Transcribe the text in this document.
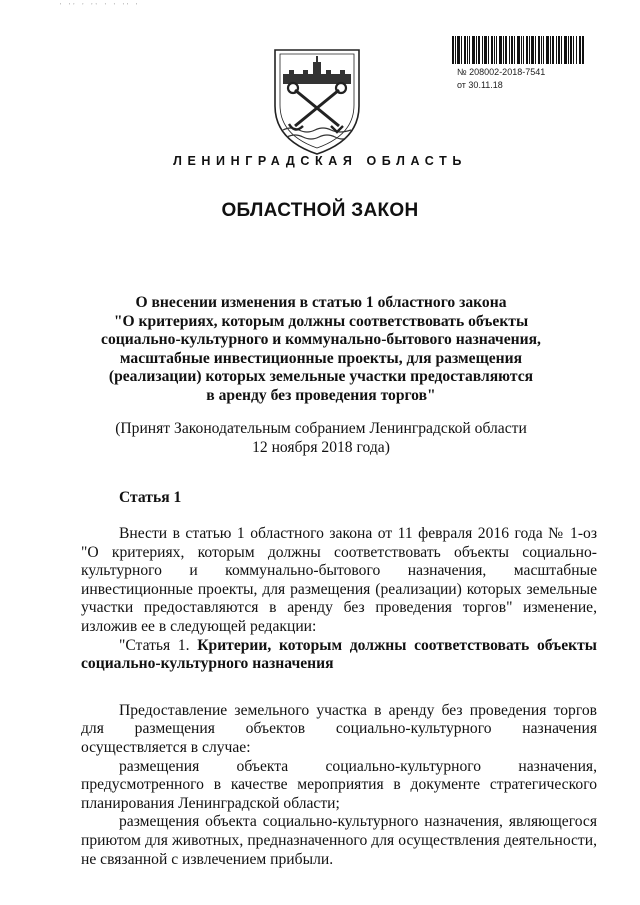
' '' ' '' ' ' '' '
№ 208002-2018-7541
от 30.11.18
ЛЕНИНГРАДСКАЯ ОБЛАСТЬ
ОБЛАСТНОЙ ЗАКОН
О внесении изменения в статью 1 областного закона
"О критериях, которым должны соответствовать объекты
социально-культурного и коммунально-бытового назначения,
масштабные инвестиционные проекты, для размещения
(реализации) которых земельные участки предоставляются
в аренду без проведения торгов"
(Принят Законодательным собранием Ленинградской области
12 ноября 2018 года)
Статья 1

Внести в статью 1 областного закона от 11 февраля 2016 года № 1-оз "О критериях, которым должны соответствовать объекты социально-культурного и коммунально-бытового назначения, масштабные инвестиционные проекты, для размещения (реализации) которых земельные участки предоставляются в аренду без проведения торгов" изменение, изложив ее в следующей редакции:

"Статья 1. Критерии, которым должны соответствовать объекты социально-культурного назначения

Предоставление земельного участка в аренду без проведения торгов для размещения объектов социально-культурного назначения осуществляется в случае:

размещения объекта социально-культурного назначения, предусмотренного в качестве мероприятия в документе стратегического планирования Ленинградской области;

размещения объекта социально-культурного назначения, являющегося приютом для животных, предназначенного для осуществления деятельности, не связанной с извлечением прибыли.
